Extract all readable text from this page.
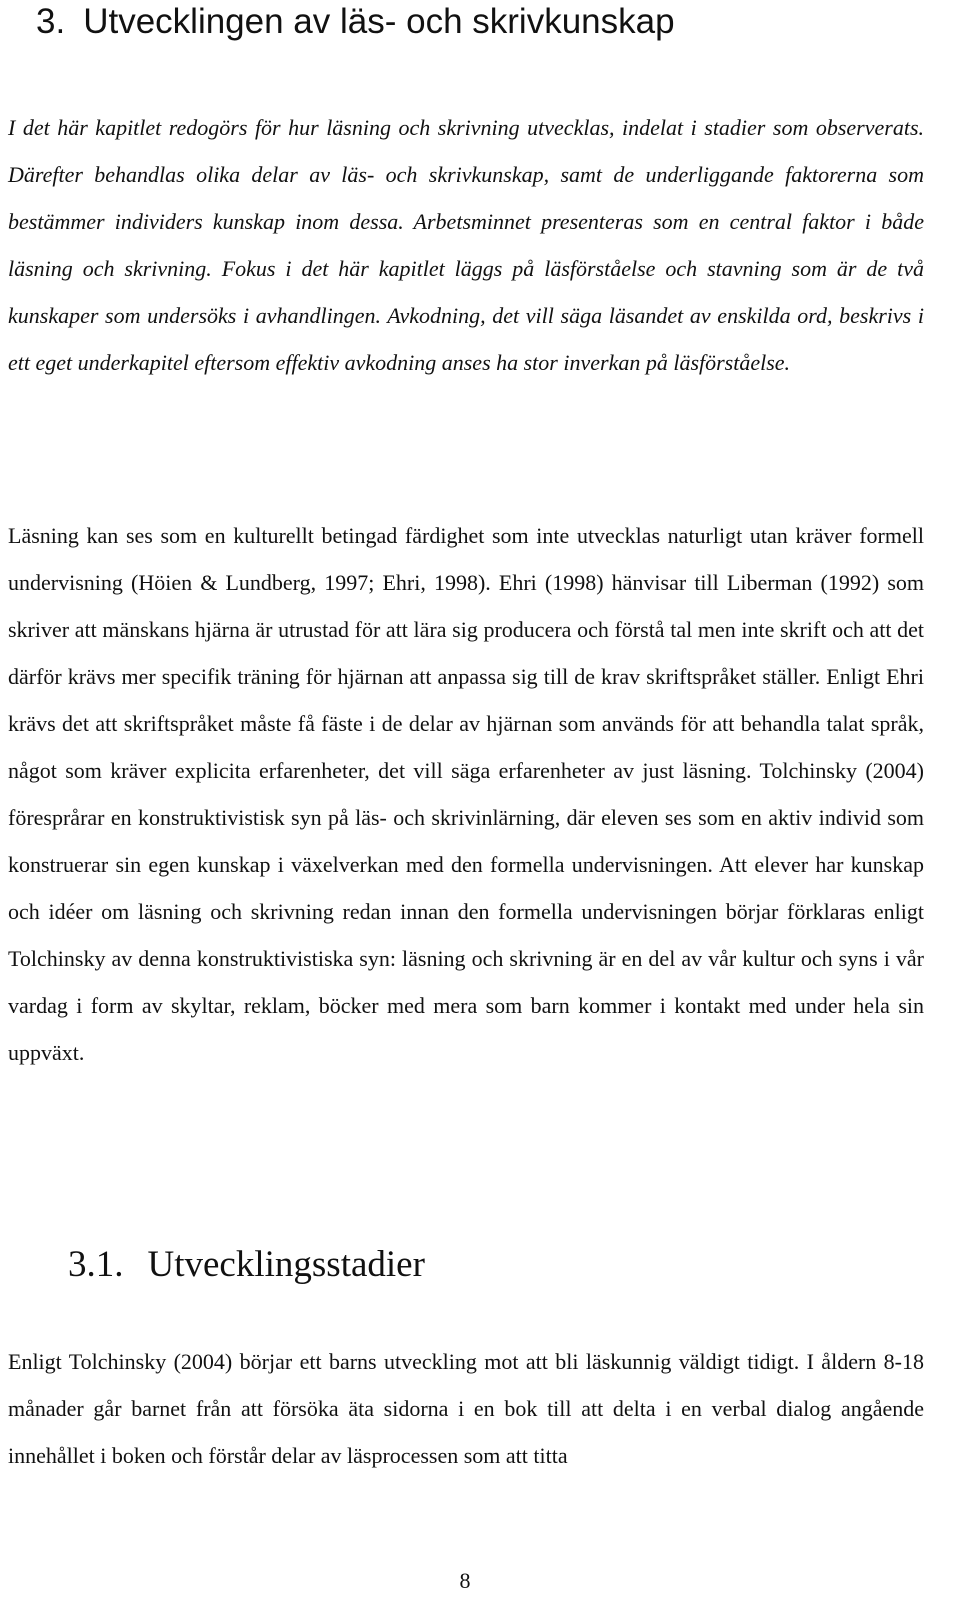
3. Utvecklingen av läs- och skrivkunskap

I det här kapitlet redogörs för hur läsning och skrivning utvecklas, indelat i stadier som observerats. Därefter behandlas olika delar av läs- och skrivkunskap, samt de underliggande faktorerna som bestämmer individers kunskap inom dessa. Arbetsminnet presenteras som en central faktor i både läsning och skrivning. Fokus i det här kapitlet läggs på läsförståelse och stavning som är de två kunskaper som undersöks i avhandlingen. Avkodning, det vill säga läsandet av enskilda ord, beskrivs i ett eget underkapitel eftersom effektiv avkodning anses ha stor inverkan på läsförståelse.

Läsning kan ses som en kulturellt betingad färdighet som inte utvecklas naturligt utan kräver formell undervisning (Höien & Lundberg, 1997; Ehri, 1998). Ehri (1998) hänvisar till Liberman (1992) som skriver att mänskans hjärna är utrustad för att lära sig producera och förstå tal men inte skrift och att det därför krävs mer specifik träning för hjärnan att anpassa sig till de krav skriftspråket ställer. Enligt Ehri krävs det att skriftspråket måste få fäste i de delar av hjärnan som används för att behandla talat språk, något som kräver explicita erfarenheter, det vill säga erfarenheter av just läsning. Tolchinsky (2004) föresprårar en konstruktivistisk syn på läs- och skrivinlärning, där eleven ses som en aktiv individ som konstruerar sin egen kunskap i växelverkan med den formella undervisningen. Att elever har kunskap och idéer om läsning och skrivning redan innan den formella undervisningen börjar förklaras enligt Tolchinsky av denna konstruktivistiska syn: läsning och skrivning är en del av vår kultur och syns i vår vardag i form av skyltar, reklam, böcker med mera som barn kommer i kontakt med under hela sin uppväxt.

3.1. Utvecklingsstadier

Enligt Tolchinsky (2004) börjar ett barns utveckling mot att bli läskunnig väldigt tidigt. I åldern 8-18 månader går barnet från att försöka äta sidorna i en bok till att delta i en verbal dialog angående innehållet i boken och förstår delar av läsprocessen som att titta

8
